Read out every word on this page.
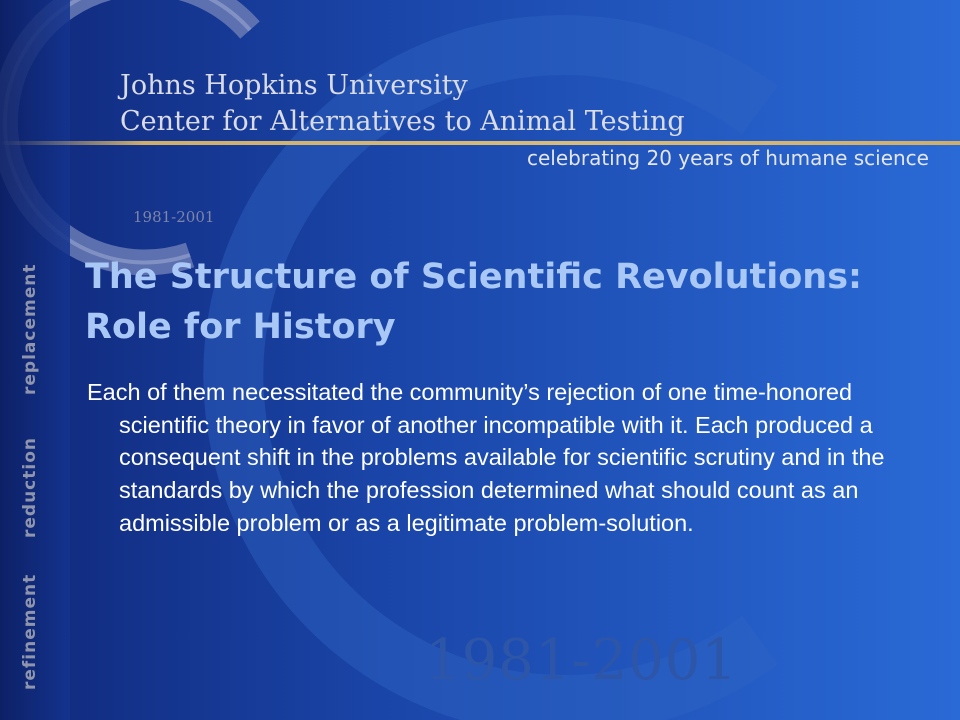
replacement
reduction
refinement
Johns Hopkins University
Center for Alternatives to Animal Testing
celebrating 20 years of humane science
1981-2001
1981-2001
The Structure of Scientific Revolutions: Role for History
Each of them necessitated the community’s rejection of one time-honored scientific theory in favor of another incompatible with it. Each produced a consequent shift in the problems available for scientific scrutiny and in the standards by which the profession determined what should count as an admissible problem or as a legitimate problem-solution.
